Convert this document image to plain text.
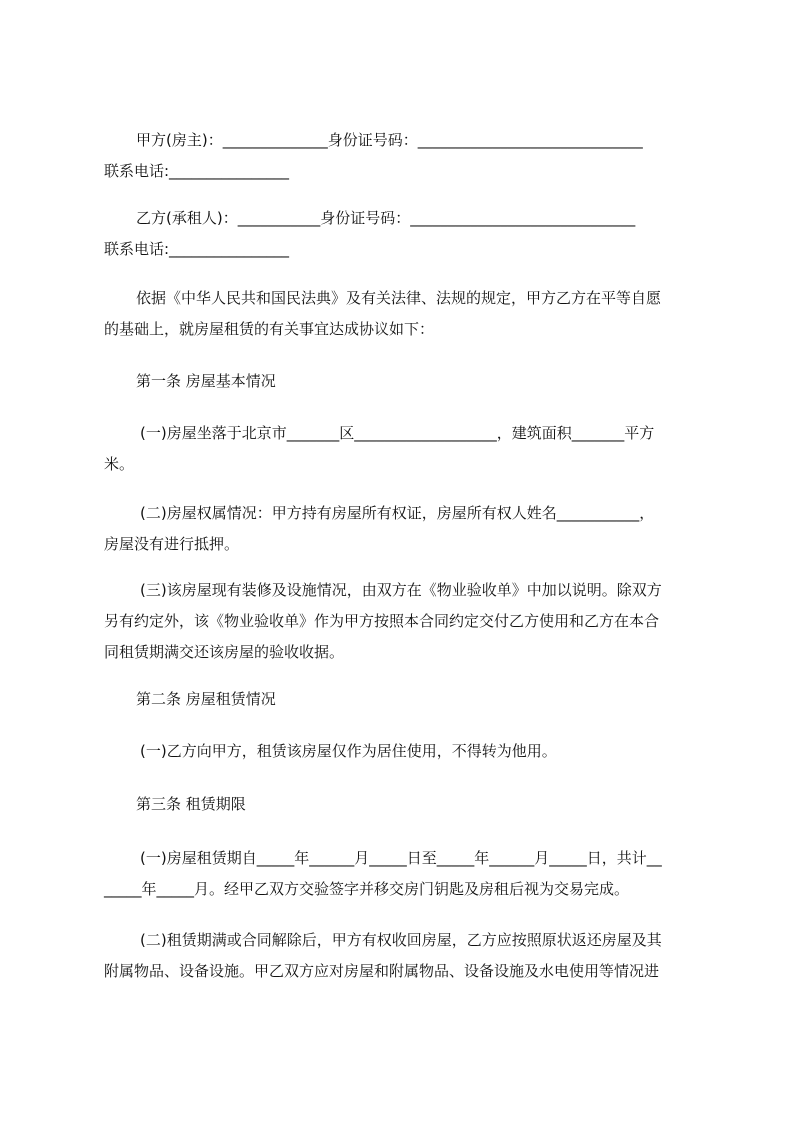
甲方(房主)：______________身份证号码：______________________________
联系电话:________________
乙方(承租人)：___________身份证号码：______________________________
联系电话:________________
依据《中华人民共和国民法典》及有关法律、法规的规定，甲方乙方在平等自愿
的基础上，就房屋租赁的有关事宜达成协议如下：
第一条 房屋基本情况
(一)房屋坐落于北京市_______区___________________，建筑面积_______平方
米。
(二)房屋权属情况：甲方持有房屋所有权证，房屋所有权人姓名___________，
房屋没有进行抵押。
(三)该房屋现有装修及设施情况，由双方在《物业验收单》中加以说明。除双方
另有约定外，该《物业验收单》作为甲方按照本合同约定交付乙方使用和乙方在本合
同租赁期满交还该房屋的验收收据。
第二条 房屋租赁情况
(一)乙方向甲方，租赁该房屋仅作为居住使用，不得转为他用。
第三条 租赁期限
(一)房屋租赁期自_____年______月_____日至_____年______月_____日，共计__
_____年_____月。经甲乙双方交验签字并移交房门钥匙及房租后视为交易完成。
(二)租赁期满或合同解除后，甲方有权收回房屋，乙方应按照原状返还房屋及其
附属物品、设备设施。甲乙双方应对房屋和附属物品、设备设施及水电使用等情况进
